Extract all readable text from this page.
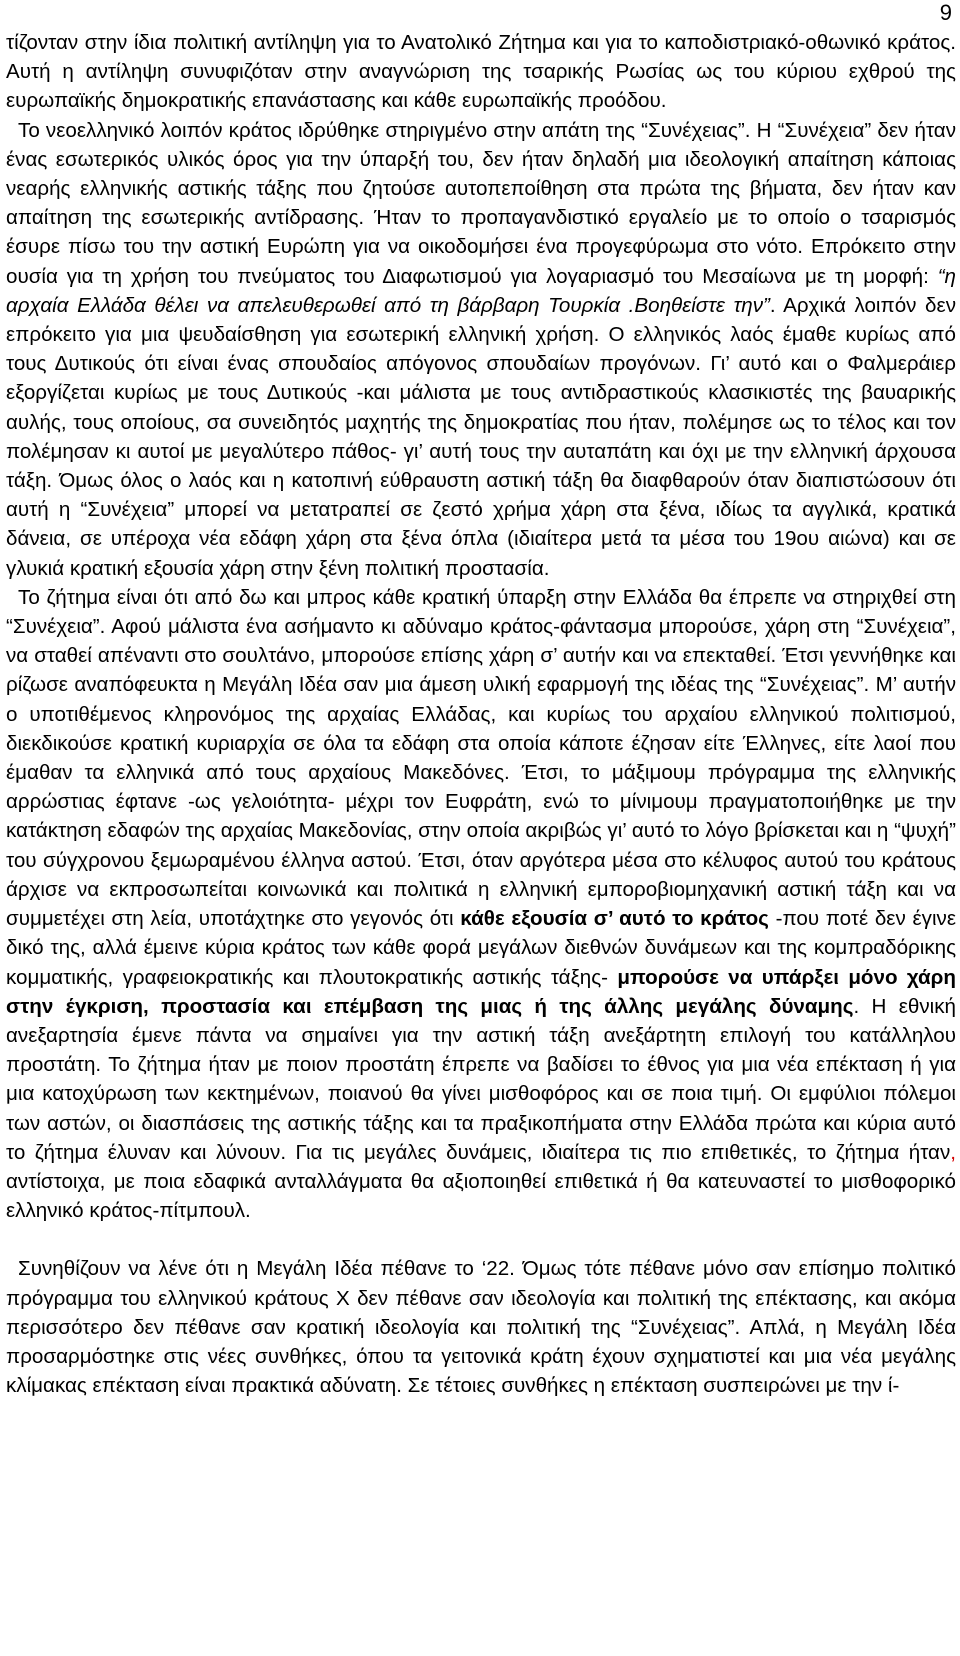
9

τίζονταν στην ίδια πολιτική αντίληψη για το Ανατολικό Ζήτημα και για το καποδιστριακό-οθωνικό κράτος. Αυτή η αντίληψη συνυφιζόταν στην αναγνώριση της τσαρικής Ρωσίας ως του κύριου εχθρού της ευρωπαϊκής δημοκρατικής επανάστασης και κάθε ευρωπαϊκής προόδου.

Το νεοελληνικό λοιπόν κράτος ιδρύθηκε στηριγμένο στην απάτη της “Συνέχειας”. Η “Συνέχεια” δεν ήταν ένας εσωτερικός υλικός όρος για την ύπαρξή του, δεν ήταν δηλαδή μια ιδεολογική απαίτηση κάποιας νεαρής ελληνικής αστικής τάξης που ζητούσε αυτοπεποίθηση στα πρώτα της βήματα, δεν ήταν καν απαίτηση της εσωτερικής αντίδρασης. Ήταν το προπαγανδιστικό εργαλείο με το οποίο ο τσαρισμός έσυρε πίσω του την αστική Ευρώπη για να οικοδομήσει ένα προγεφύρωμα στο νότο. Επρόκειτο στην ουσία για τη χρήση του πνεύματος του Διαφωτισμού για λογαριασμό του Μεσαίωνα με τη μορφή: “η αρχαία Ελλάδα θέλει να απελευθερωθεί από τη βάρβαρη Τουρκία .Βοηθείστε την”. Αρχικά λοιπόν δεν επρόκειτο για μια ψευδαίσθηση για εσωτερική ελληνική χρήση. Ο ελληνικός λαός έμαθε κυρίως από τους Δυτικούς ότι είναι ένας σπουδαίος απόγονος σπουδαίων προγόνων. Γι’ αυτό και ο Φαλμεράιερ εξοργίζεται κυρίως με τους Δυτικούς -και μάλιστα με τους αντιδραστικούς κλασικιστές της βαυαρικής αυλής, τους οποίους, σα συνειδητός μαχητής της δημοκρατίας που ήταν, πολέμησε ως το τέλος και τον πολέμησαν κι αυτοί με μεγαλύτερο πάθος- γι’ αυτή τους την αυταπάτη και όχι με την ελληνική άρχουσα τάξη. Όμως όλος ο λαός και η κατοπινή εύθραυστη αστική τάξη θα διαφθαρούν όταν διαπιστώσουν ότι αυτή η “Συνέχεια” μπορεί να μετατραπεί σε ζεστό χρήμα χάρη στα ξένα, ιδίως τα αγγλικά, κρατικά δάνεια, σε υπέροχα νέα εδάφη χάρη στα ξένα όπλα (ιδιαίτερα μετά τα μέσα του 19ου αιώνα) και σε γλυκιά κρατική εξουσία χάρη στην ξένη πολιτική προστασία.

Το ζήτημα είναι ότι από δω και μπρος κάθε κρατική ύπαρξη στην Ελλάδα θα έπρεπε να στηριχθεί στη “Συνέχεια”. Αφού μάλιστα ένα ασήμαντο κι αδύναμο κράτος-φάντασμα μπορούσε, χάρη στη “Συνέχεια”, να σταθεί απέναντι στο σουλτάνο, μπορούσε επίσης χάρη σ’ αυτήν και να επεκταθεί. Έτσι γεννήθηκε και ρίζωσε αναπόφευκτα η Μεγάλη Ιδέα σαν μια άμεση υλική εφαρμογή της ιδέας της “Συνέχειας”. Μ’ αυτήν ο υποτιθέμενος κληρονόμος της αρχαίας Ελλάδας, και κυρίως του αρχαίου ελληνικού πολιτισμού, διεκδικούσε κρατική κυριαρχία σε όλα τα εδάφη στα οποία κάποτε έζησαν είτε Έλληνες, είτε λαοί που έμαθαν τα ελληνικά από τους αρχαίους Μακεδόνες. Έτσι, το μάξιμουμ πρόγραμμα της ελληνικής αρρώστιας έφτανε -ως γελοιότητα- μέχρι τον Ευφράτη, ενώ το μίνιμουμ πραγματοποιήθηκε με την κατάκτηση εδαφών της αρχαίας Μακεδονίας, στην οποία ακριβώς γι’ αυτό το λόγο βρίσκεται και η “ψυχή” του σύγχρονου ξεμωραμένου έλληνα αστού. Έτσι, όταν αργότερα μέσα στο κέλυφος αυτού του κράτους άρχισε να εκπροσωπείται κοινωνικά και πολιτικά η ελληνική εμποροβιομηχανική αστική τάξη και να συμμετέχει στη λεία, υποτάχτηκε στο γεγονός ότι κάθε εξουσία σ’ αυτό το κράτος -που ποτέ δεν έγινε δικό της, αλλά έμεινε κύρια κράτος των κάθε φορά μεγάλων διεθνών δυνάμεων και της κομπραδόρικης κομματικής, γραφειοκρατικής και πλουτοκρατικής αστικής τάξης- μπορούσε να υπάρξει μόνο χάρη στην έγκριση, προστασία και επέμβαση της μιας ή της άλλης μεγάλης δύναμης. Η εθνική ανεξαρτησία έμενε πάντα να σημαίνει για την αστική τάξη ανεξάρτητη επιλογή του κατάλληλου προστάτη. Το ζήτημα ήταν με ποιον προστάτη έπρεπε να βαδίσει το έθνος για μια νέα επέκταση ή για μια κατοχύρωση των κεκτημένων, ποιανού θα γίνει μισθοφόρος και σε ποια τιμή. Οι εμφύλιοι πόλεμοι των αστών, οι διασπάσεις της αστικής τάξης και τα πραξικοπήματα στην Ελλάδα πρώτα και κύρια αυτό το ζήτημα έλυναν και λύνουν. Για τις μεγάλες δυνάμεις, ιδιαίτερα τις πιο επιθετικές, το ζήτημα ήταν, αντίστοιχα, με ποια εδαφικά ανταλλάγματα θα αξιοποιηθεί επιθετικά ή θα κατευναστεί το μισθοφορικό ελληνικό κράτος-πίτμπουλ.

Συνηθίζουν να λένε ότι η Μεγάλη Ιδέα πέθανε το ‘22. Όμως τότε πέθανε μόνο σαν επίσημο πολιτικό πρόγραμμα του ελληνικού κράτους Χ δεν πέθανε σαν ιδεολογία και πολιτική της επέκτασης, και ακόμα περισσότερο δεν πέθανε σαν κρατική ιδεολογία και πολιτική της “Συνέχειας”. Απλά, η Μεγάλη Ιδέα προσαρμόστηκε στις νέες συνθήκες, όπου τα γειτονικά κράτη έχουν σχηματιστεί και μια νέα μεγάλης κλίμακας επέκταση είναι πρακτικά αδύνατη. Σε τέτοιες συνθήκες η επέκταση συσπειρώνει με την ί-
